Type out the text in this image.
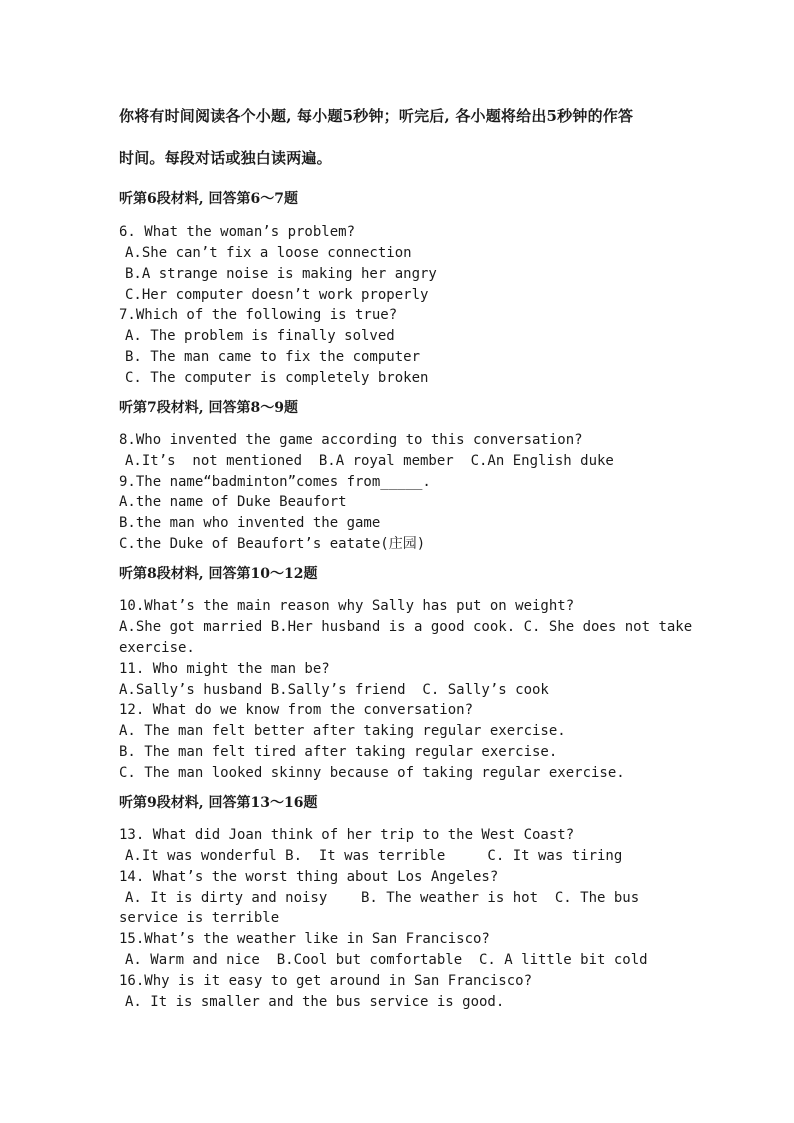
你将有时间阅读各个小题, 每小题5秒钟；听完后, 各小题将给出5秒钟的作答
时间。每段对话或独白读两遍。
听第6段材料, 回答第6～7题
6. What the woman’s problem?
A.She can’t fix a loose connection
B.A strange noise is making her angry
C.Her computer doesn’t work properly
7.Which of the following is true?
A. The problem is finally solved
B. The man came to fix the computer
C. The computer is completely broken
听第7段材料, 回答第8～9题
8.Who invented the game according to this conversation?
A.It’s  not mentioned  B.A royal member  C.An English duke
9.The name“badminton”comes from_____.
A.the name of Duke Beaufort
B.the man who invented the game
C.the Duke of Beaufort’s eatate(庄园)
听第8段材料, 回答第10～12题
10.What’s the main reason why Sally has put on weight?
A.She got married B.Her husband is a good cook. C. She does not take
exercise.
11. Who might the man be?
A.Sally’s husband B.Sally’s friend  C. Sally’s cook
12. What do we know from the conversation?
A. The man felt better after taking regular exercise.
B. The man felt tired after taking regular exercise.
C. The man looked skinny because of taking regular exercise.
听第9段材料, 回答第13～16题
13. What did Joan think of her trip to the West Coast?
A.It was wonderful B.  It was terrible     C. It was tiring
14. What’s the worst thing about Los Angeles?
A. It is dirty and noisy    B. The weather is hot  C. The bus
service is terrible
15.What’s the weather like in San Francisco?
A. Warm and nice  B.Cool but comfortable  C. A little bit cold
16.Why is it easy to get around in San Francisco?
A. It is smaller and the bus service is good.
